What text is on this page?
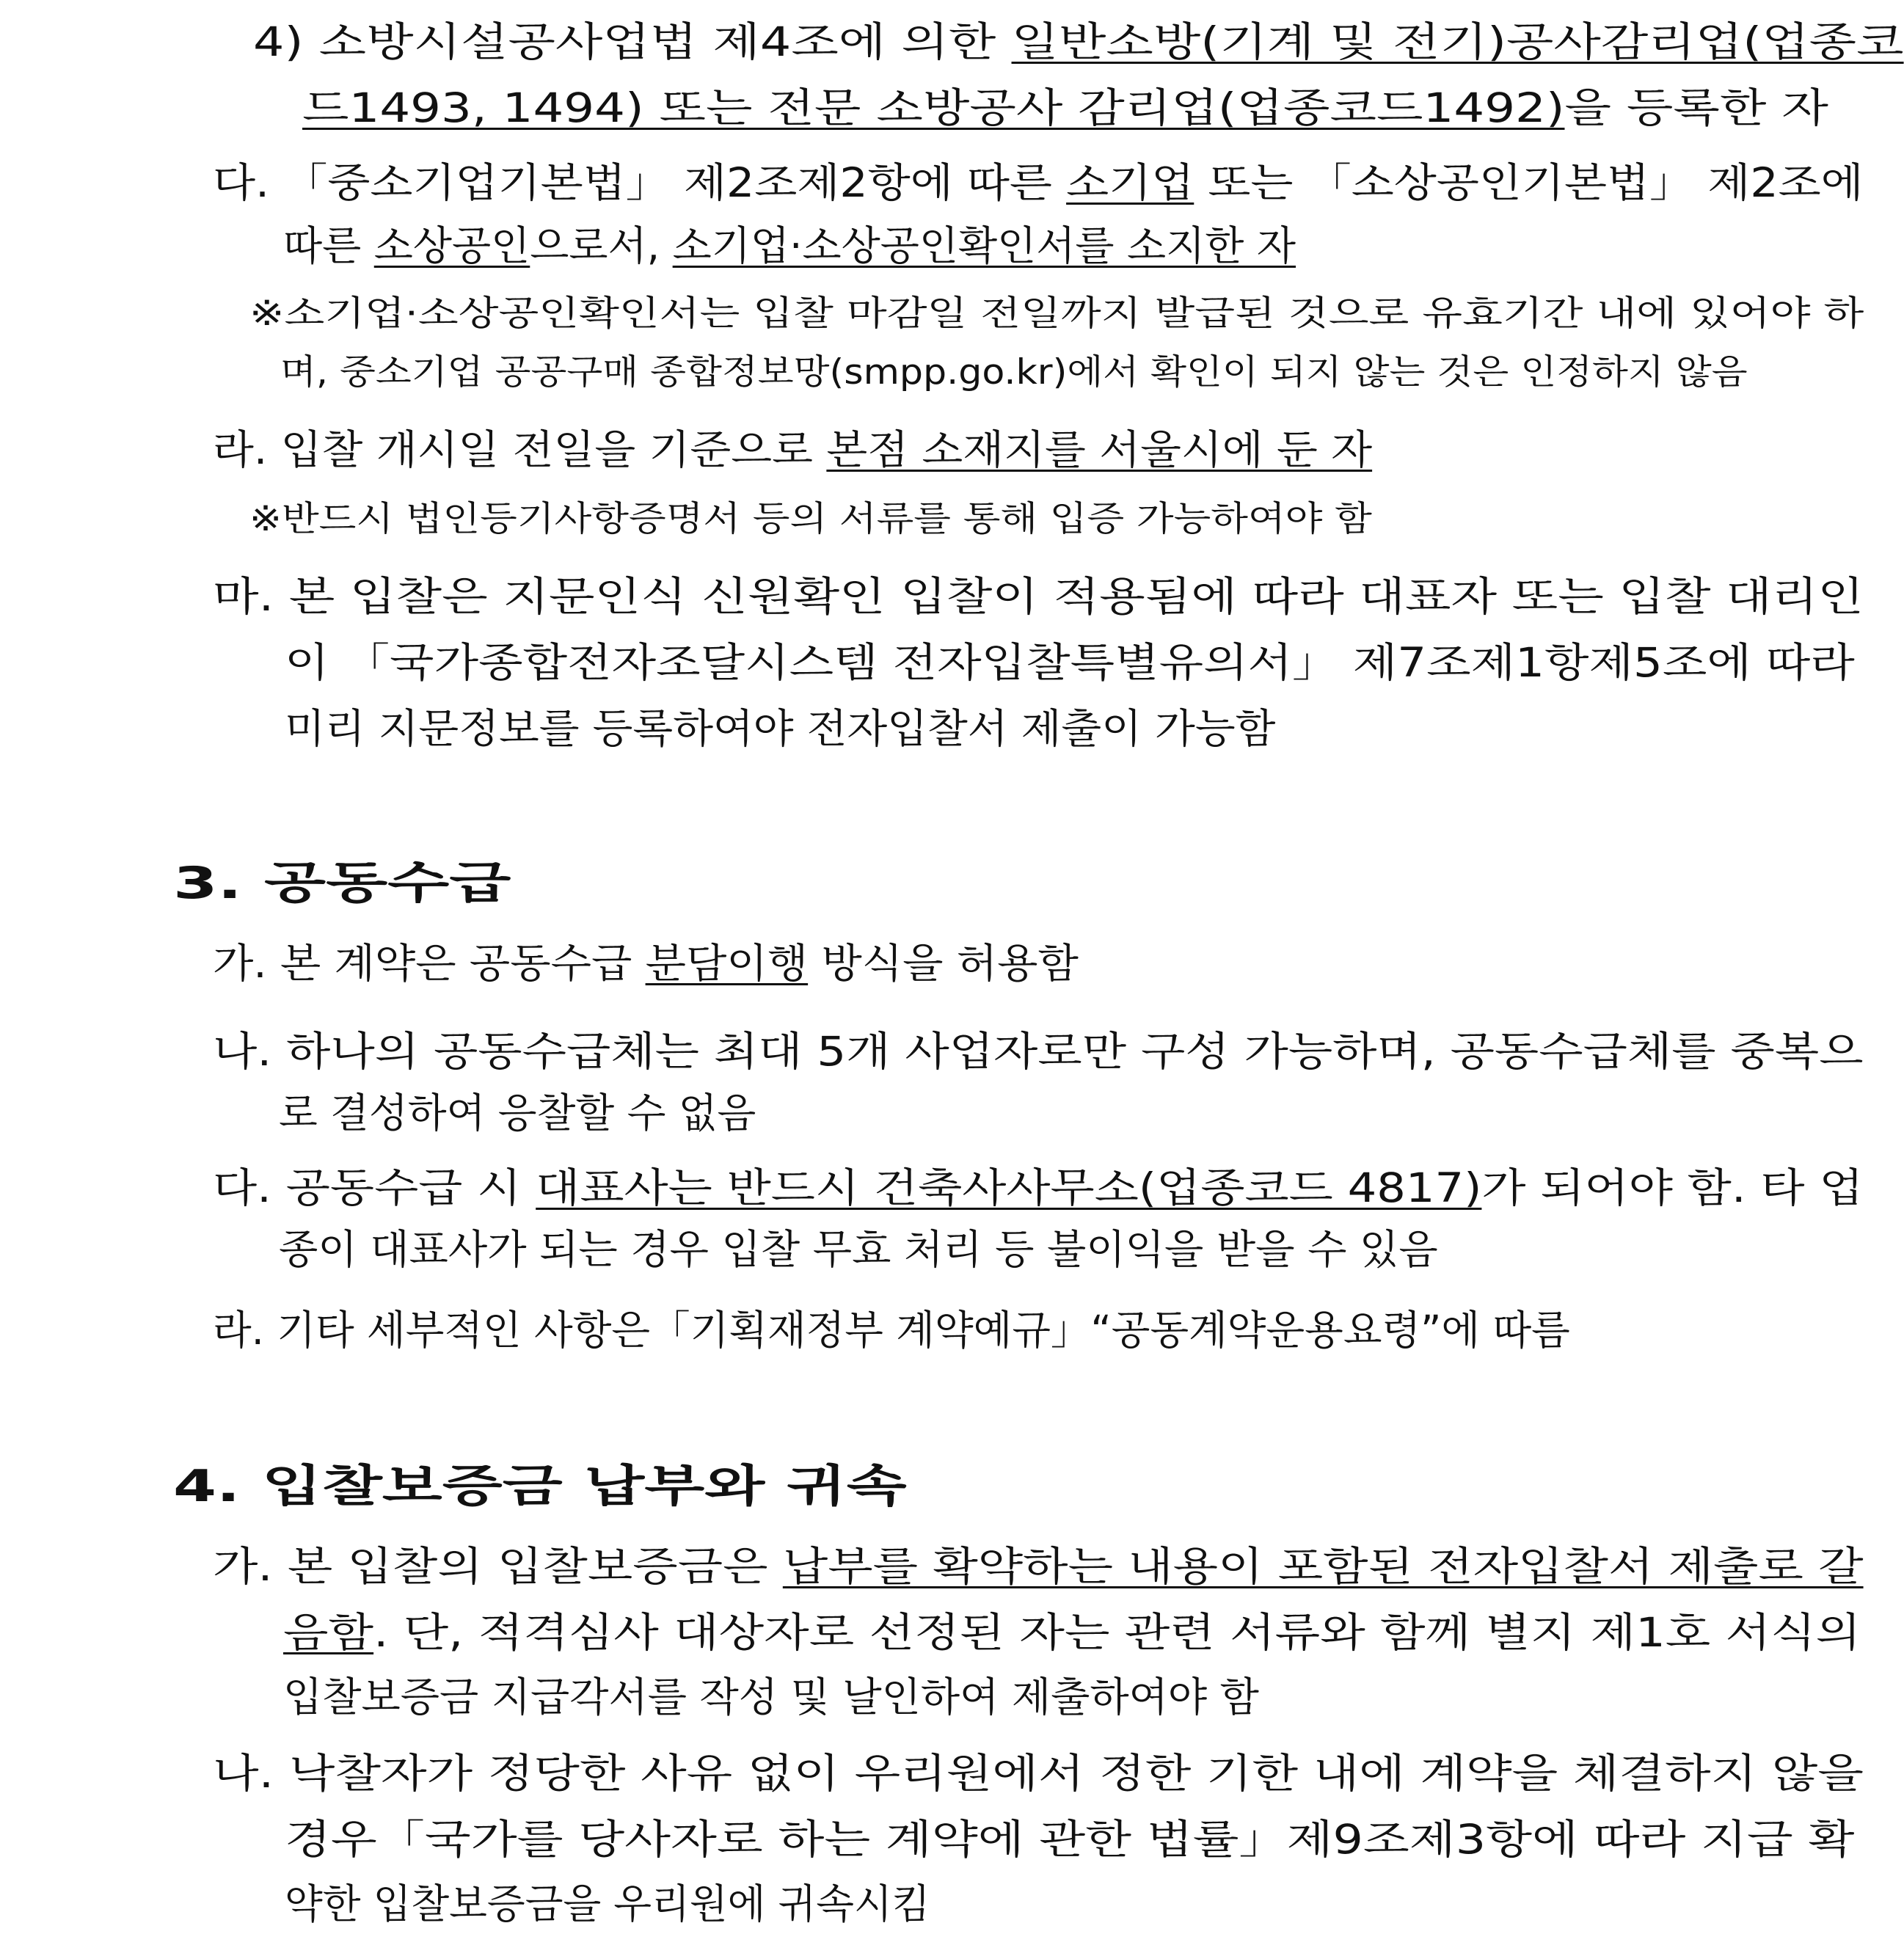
4) 소방시설공사업법 제4조에 의한 일반소방(기계 및 전기)공사감리업(업종코
드1493, 1494) 또는 전문 소방공사 감리업(업종코드1492)을 등록한 자
다. 「중소기업기본법」 제2조제2항에 따른 소기업 또는 「소상공인기본법」 제2조에
따른 소상공인으로서, 소기업·소상공인확인서를 소지한 자
※소기업·소상공인확인서는 입찰 마감일 전일까지 발급된 것으로 유효기간 내에 있어야 하
며, 중소기업 공공구매 종합정보망(smpp.go.kr)에서 확인이 되지 않는 것은 인정하지 않음
라. 입찰 개시일 전일을 기준으로 본점 소재지를 서울시에 둔 자
※반드시 법인등기사항증명서 등의 서류를 통해 입증 가능하여야 함
마. 본 입찰은 지문인식 신원확인 입찰이 적용됨에 따라 대표자 또는 입찰 대리인
이 「국가종합전자조달시스템 전자입찰특별유의서」 제7조제1항제5조에 따라
미리 지문정보를 등록하여야 전자입찰서 제출이 가능함
3. 공동수급
가. 본 계약은 공동수급 분담이행 방식을 허용함
나. 하나의 공동수급체는 최대 5개 사업자로만 구성 가능하며, 공동수급체를 중복으
로 결성하여 응찰할 수 없음
다. 공동수급 시 대표사는 반드시 건축사사무소(업종코드 4817)가 되어야 함. 타 업
종이 대표사가 되는 경우 입찰 무효 처리 등 불이익을 받을 수 있음
라. 기타 세부적인 사항은「기획재정부 계약예규」“공동계약운용요령”에 따름
4. 입찰보증금 납부와 귀속
가. 본 입찰의 입찰보증금은 납부를 확약하는 내용이 포함된 전자입찰서 제출로 갈
음함. 단, 적격심사 대상자로 선정된 자는 관련 서류와 함께 별지 제1호 서식의
입찰보증금 지급각서를 작성 및 날인하여 제출하여야 함
나. 낙찰자가 정당한 사유 없이 우리원에서 정한 기한 내에 계약을 체결하지 않을
경우「국가를 당사자로 하는 계약에 관한 법률」제9조제3항에 따라 지급 확
약한 입찰보증금을 우리원에 귀속시킴
